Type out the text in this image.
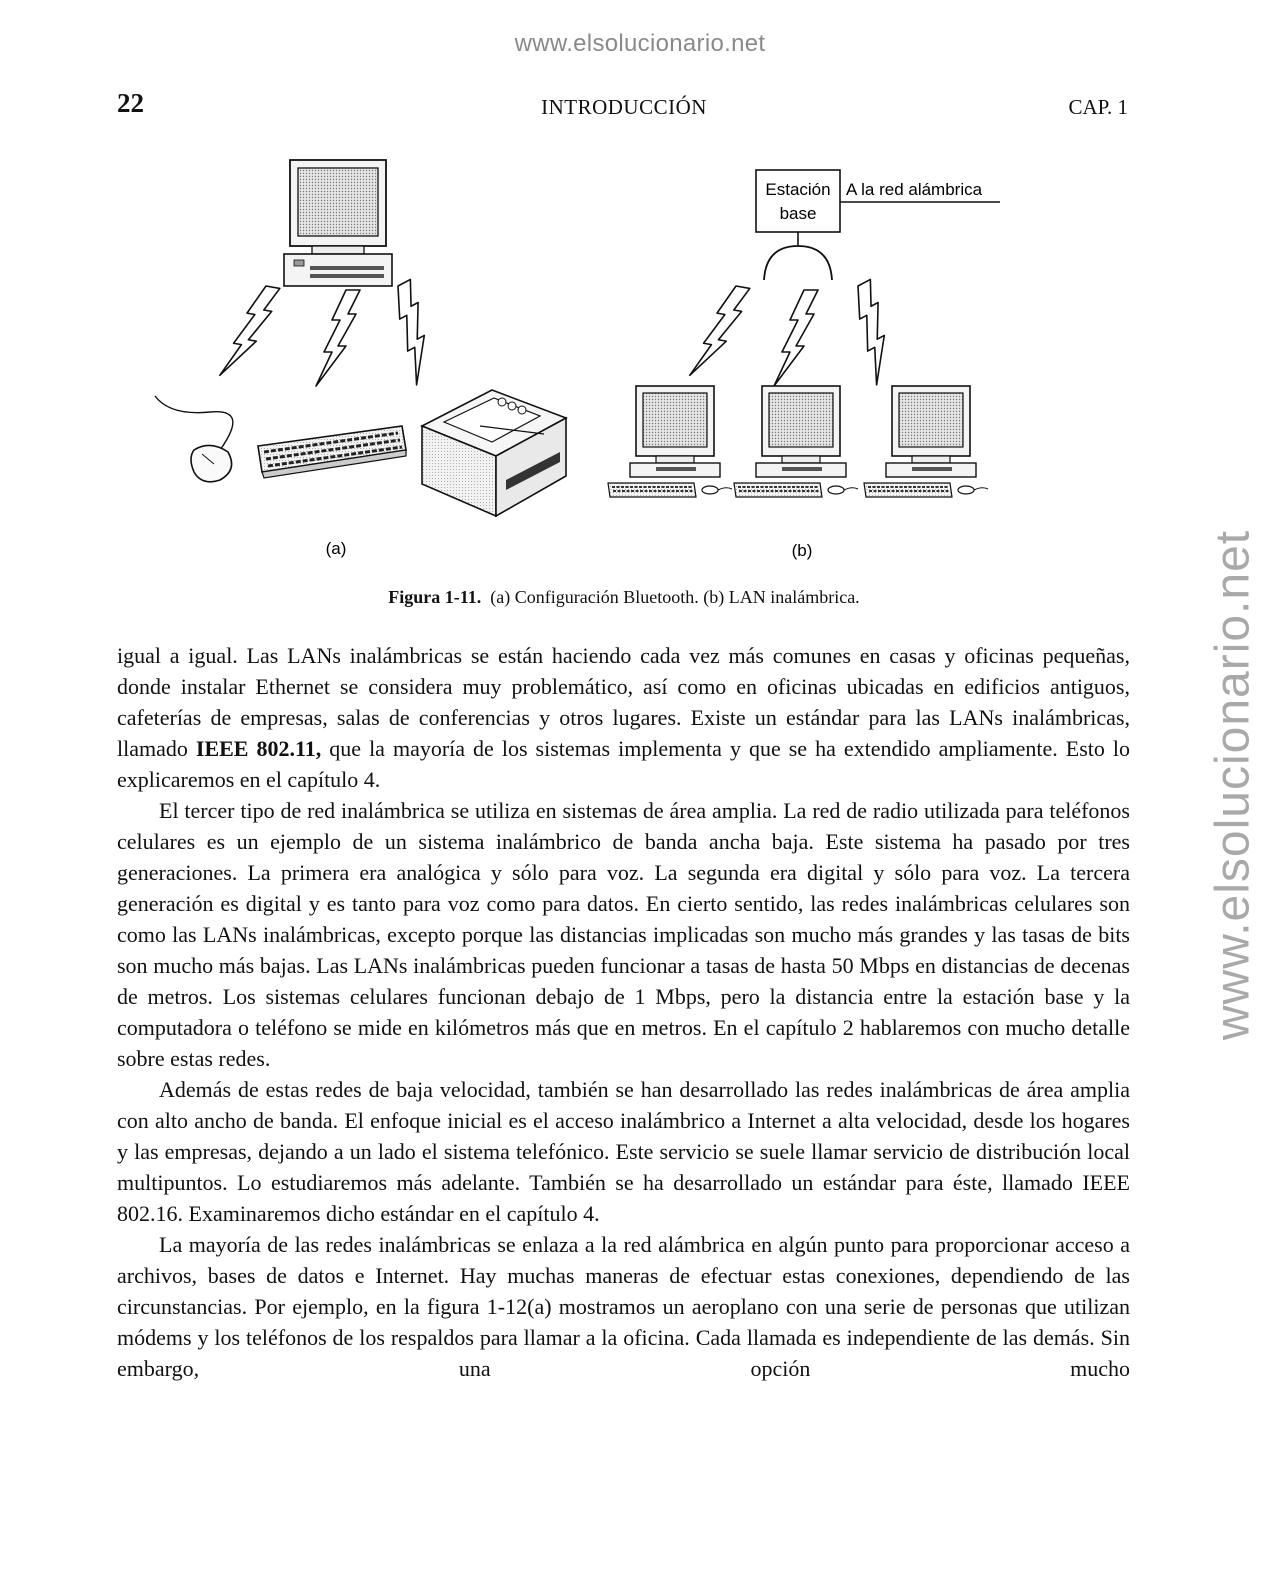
www.elsolucionario.net
www.elsolucionario.net
22	INTRODUCCIÓN	CAP. 1
(a)
Estación
base
A la red alámbrica
(b)
Figura 1-11. (a) Configuración Bluetooth. (b) LAN inalámbrica.

igual a igual. Las LANs inalámbricas se están haciendo cada vez más comunes en casas y oficinas pequeñas, donde instalar Ethernet se considera muy problemático, así como en oficinas ubicadas en edificios antiguos, cafeterías de empresas, salas de conferencias y otros lugares. Existe un estándar para las LANs inalámbricas, llamado IEEE 802.11, que la mayoría de los sistemas implementa y que se ha extendido ampliamente. Esto lo explicaremos en el capítulo 4.

El tercer tipo de red inalámbrica se utiliza en sistemas de área amplia. La red de radio utilizada para teléfonos celulares es un ejemplo de un sistema inalámbrico de banda ancha baja. Este sistema ha pasado por tres generaciones. La primera era analógica y sólo para voz. La segunda era digital y sólo para voz. La tercera generación es digital y es tanto para voz como para datos. En cierto sentido, las redes inalámbricas celulares son como las LANs inalámbricas, excepto porque las distancias implicadas son mucho más grandes y las tasas de bits son mucho más bajas. Las LANs inalámbricas pueden funcionar a tasas de hasta 50 Mbps en distancias de decenas de metros. Los sistemas celulares funcionan debajo de 1 Mbps, pero la distancia entre la estación base y la computadora o teléfono se mide en kilómetros más que en metros. En el capítulo 2 hablaremos con mucho detalle sobre estas redes.

Además de estas redes de baja velocidad, también se han desarrollado las redes inalámbricas de área amplia con alto ancho de banda. El enfoque inicial es el acceso inalámbrico a Internet a alta velocidad, desde los hogares y las empresas, dejando a un lado el sistema telefónico. Este servicio se suele llamar servicio de distribución local multipuntos. Lo estudiaremos más adelante. También se ha desarrollado un estándar para éste, llamado IEEE 802.16. Examinaremos dicho estándar en el capítulo 4.

La mayoría de las redes inalámbricas se enlaza a la red alámbrica en algún punto para proporcionar acceso a archivos, bases de datos e Internet. Hay muchas maneras de efectuar estas conexiones, dependiendo de las circunstancias. Por ejemplo, en la figura 1-12(a) mostramos un aeroplano con una serie de personas que utilizan módems y los teléfonos de los respaldos para llamar a la oficina. Cada llamada es independiente de las demás. Sin embargo, una opción mucho
